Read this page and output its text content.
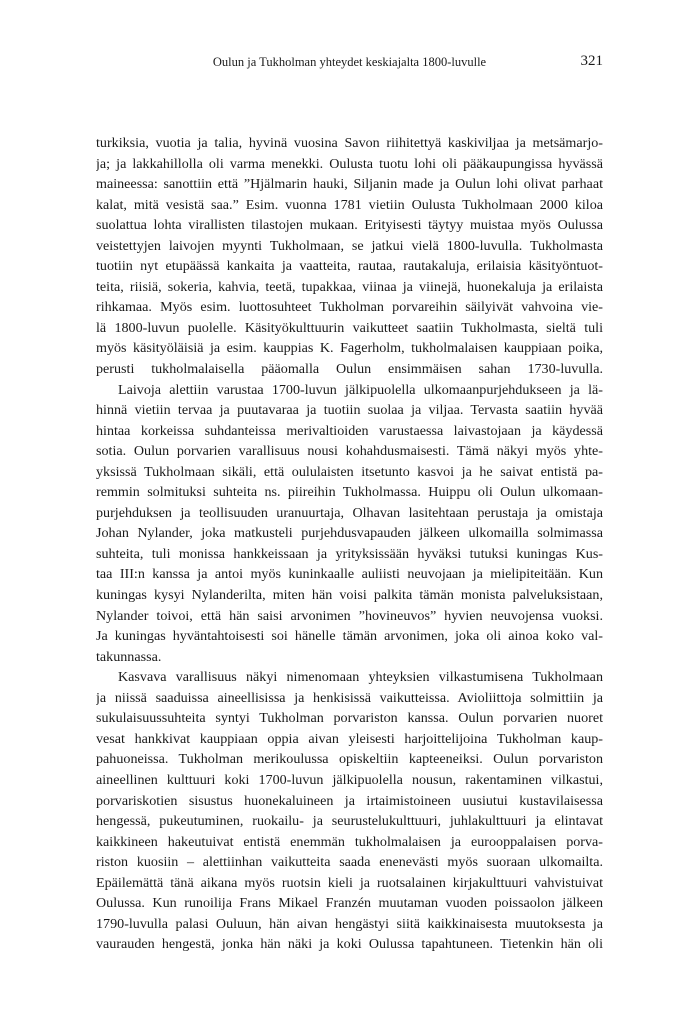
Oulun ja Tukholman yhteydet keskiajalta 1800-luvulle	321
turkiksia, vuotia ja talia, hyvinä vuosina Savon riihitettyä kaskiviljaa ja metsämarjo-
ja; ja lakkahillolla oli varma menekki. Oulusta tuotu lohi oli pääkaupungissa hyvässä
maineessa: sanottiin että ”Hjälmarin hauki, Siljanin made ja Oulun lohi olivat parhaat
kalat, mitä vesistä saa.” Esim. vuonna 1781 vietiin Oulusta Tukholmaan 2000 kiloa
suolattua lohta virallisten tilastojen mukaan. Erityisesti täytyy muistaa myös Oulussa
veistettyjen laivojen myynti Tukholmaan, se jatkui vielä 1800-luvulla. Tukholmasta
tuotiin nyt etupäässä kankaita ja vaatteita, rautaa, rautakaluja, erilaisia käsityöntuot-
teita, riisiä, sokeria, kahvia, teetä, tupakkaa, viinaa ja viinejä, huonekaluja ja erilaista
rihkamaa. Myös esim. luottosuhteet Tukholman porvareihin säilyivät vahvoina vie-
lä 1800-luvun puolelle. Käsityökulttuurin vaikutteet saatiin Tukholmasta, sieltä tuli
myös käsityöläisiä ja esim. kauppias K. Fagerholm, tukholmalaisen kauppiaan poika,
perusti tukholmalaisella pääomalla Oulun ensimmäisen sahan 1730-luvulla.
Laivoja alettiin varustaa 1700-luvun jälkipuolella ulkomaanpurjehdukseen ja lä-
hinnä vietiin tervaa ja puutavaraa ja tuotiin suolaa ja viljaa. Tervasta saatiin hyvää
hintaa korkeissa suhdanteissa merivaltioiden varustaessa laivastojaan ja käydessä
sotia. Oulun porvarien varallisuus nousi kohahdusmaisesti. Tämä näkyi myös yhte-
yksissä Tukholmaan sikäli, että oululaisten itsetunto kasvoi ja he saivat entistä pa-
remmin solmituksi suhteita ns. piireihin Tukholmassa. Huippu oli Oulun ulkomaan-
purjehduksen ja teollisuuden uranuurtaja, Olhavan lasitehtaan perustaja ja omistaja
Johan Nylander, joka matkusteli purjehdusvapauden jälkeen ulkomailla solmimassa
suhteita, tuli monissa hankkeissaan ja yrityksissään hyväksi tutuksi kuningas Kus-
taa III:n kanssa ja antoi myös kuninkaalle auliisti neuvojaan ja mielipiteitään. Kun
kuningas kysyi Nylanderilta, miten hän voisi palkita tämän monista palveluksistaan,
Nylander toivoi, että hän saisi arvonimen ”hovineuvos” hyvien neuvojensa vuoksi.
Ja kuningas hyväntahtoisesti soi hänelle tämän arvonimen, joka oli ainoa koko val-
takunnassa.
Kasvava varallisuus näkyi nimenomaan yhteyksien vilkastumisena Tukholmaan
ja niissä saaduissa aineellisissa ja henkisissä vaikutteissa. Avioliittoja solmittiin ja
sukulaisuussuhteita syntyi Tukholman porvariston kanssa. Oulun porvarien nuoret
vesat hankkivat kauppiaan oppia aivan yleisesti harjoittelijoina Tukholman kaup-
pahuoneissa. Tukholman merikoulussa opiskeltiin kapteeneiksi. Oulun porvariston
aineellinen kulttuuri koki 1700-luvun jälkipuolella nousun, rakentaminen vilkastui,
porvariskotien sisustus huonekaluineen ja irtaimistoineen uusiutui kustavilaisessa
hengessä, pukeutuminen, ruokailu- ja seurustelukulttuuri, juhlakulttuuri ja elintavat
kaikkineen hakeutuivat entistä enemmän tukholmalaisen ja eurooppalaisen porva-
riston kuosiin – alettiinhan vaikutteita saada enenevästi myös suoraan ulkomailta.
Epäilemättä tänä aikana myös ruotsin kieli ja ruotsalainen kirjakulttuuri vahvistuivat
Oulussa. Kun runoilija Frans Mikael Franzén muutaman vuoden poissaolon jälkeen
1790-luvulla palasi Ouluun, hän aivan hengästyi siitä kaikkinaisesta muutoksesta ja
vaurauden hengestä, jonka hän näki ja koki Oulussa tapahtuneen. Tietenkin hän oli
